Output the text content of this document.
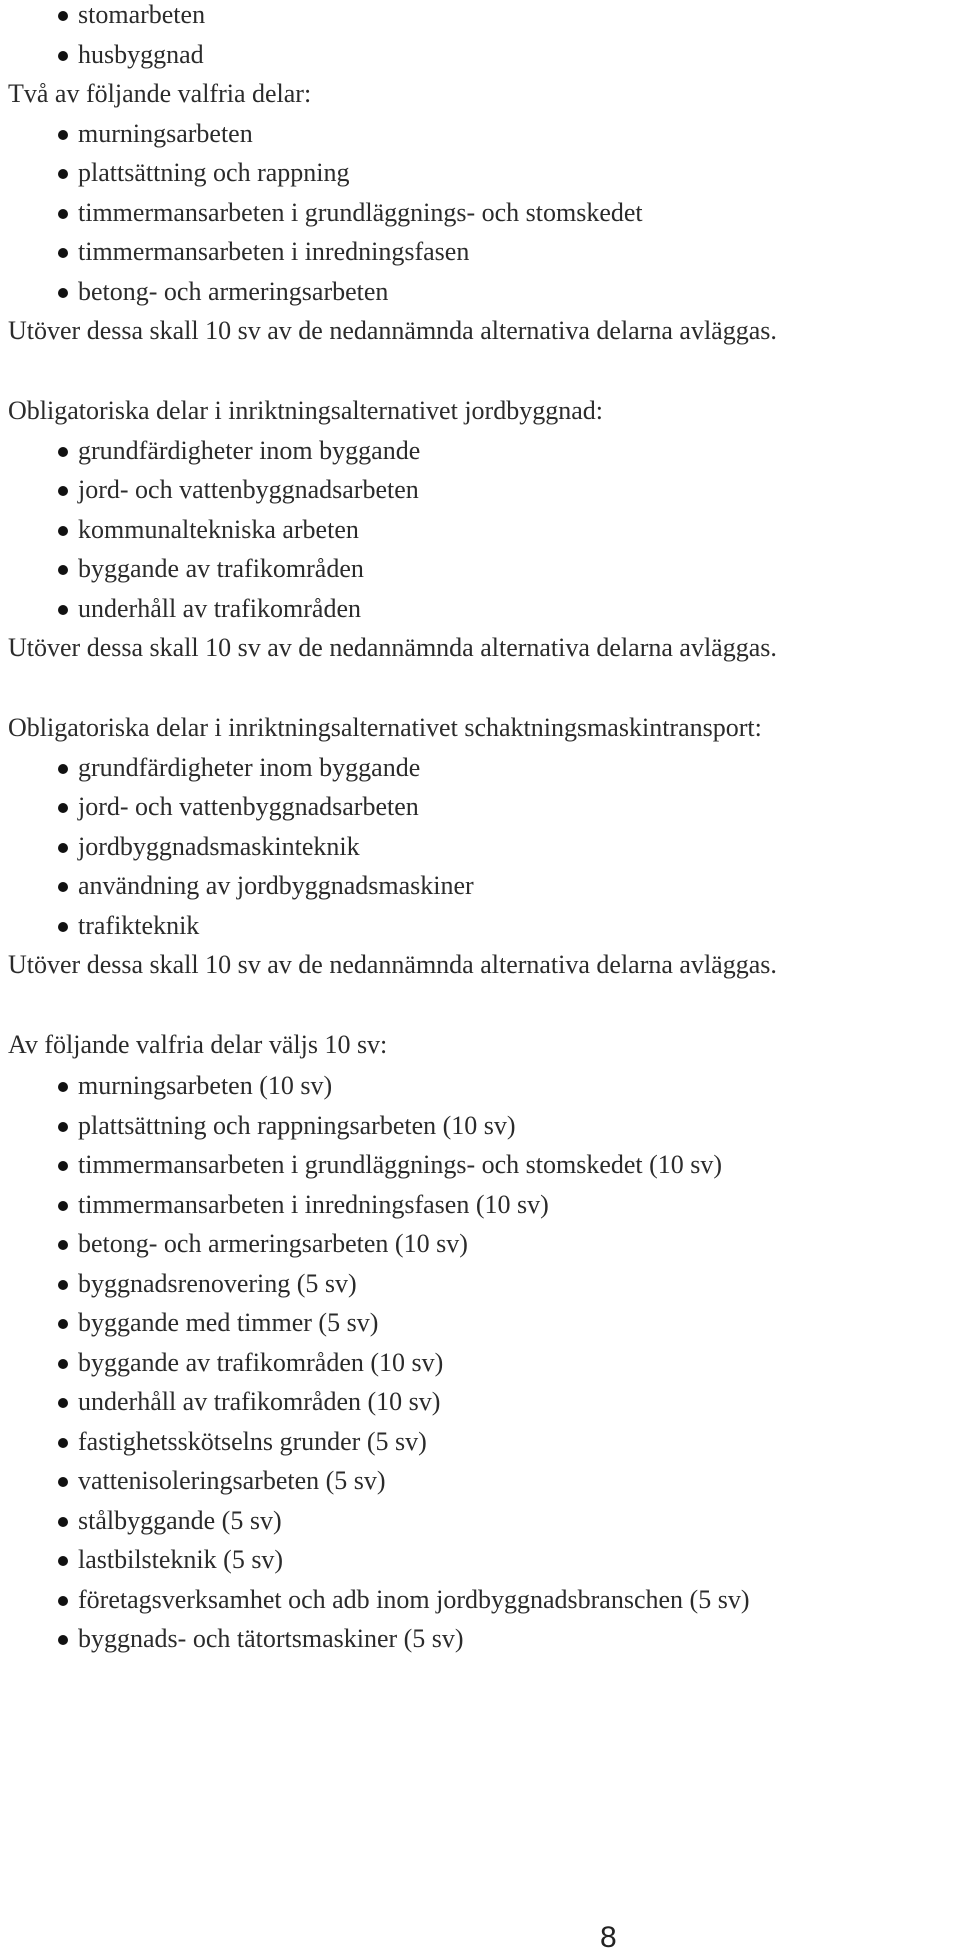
stomarbeten
husbyggnad
Två av följande valfria delar:
murningsarbeten
plattsättning och rappning
timmermansarbeten i grundläggnings- och stomskedet
timmermansarbeten i inredningsfasen
betong- och armeringsarbeten
Utöver dessa skall 10 sv av de nedannämnda alternativa delarna avläggas.
Obligatoriska delar i inriktningsalternativet jordbyggnad:
grundfärdigheter inom byggande
jord- och vattenbyggnadsarbeten
kommunaltekniska arbeten
byggande av trafikområden
underhåll av trafikområden
Utöver dessa skall 10 sv av de nedannämnda alternativa delarna avläggas.
Obligatoriska delar i inriktningsalternativet schaktningsmaskintransport:
grundfärdigheter inom byggande
jord- och vattenbyggnadsarbeten
jordbyggnadsmaskinteknik
användning av jordbyggnadsmaskiner
trafikteknik
Utöver dessa skall 10 sv av de nedannämnda alternativa delarna avläggas.
Av följande valfria delar väljs 10 sv:
murningsarbeten (10 sv)
plattsättning och rappningsarbeten (10 sv)
timmermansarbeten i grundläggnings- och stomskedet (10 sv)
timmermansarbeten i inredningsfasen (10 sv)
betong- och armeringsarbeten (10 sv)
byggnadsrenovering (5 sv)
byggande med timmer (5 sv)
byggande av trafikområden (10 sv)
underhåll av trafikområden (10 sv)
fastighetsskötselns grunder (5 sv)
vattenisoleringsarbeten (5 sv)
stålbyggande (5 sv)
lastbilsteknik (5 sv)
företagsverksamhet och adb inom jordbyggnadsbranschen (5 sv)
byggnads- och tätortsmaskiner (5 sv)
8
